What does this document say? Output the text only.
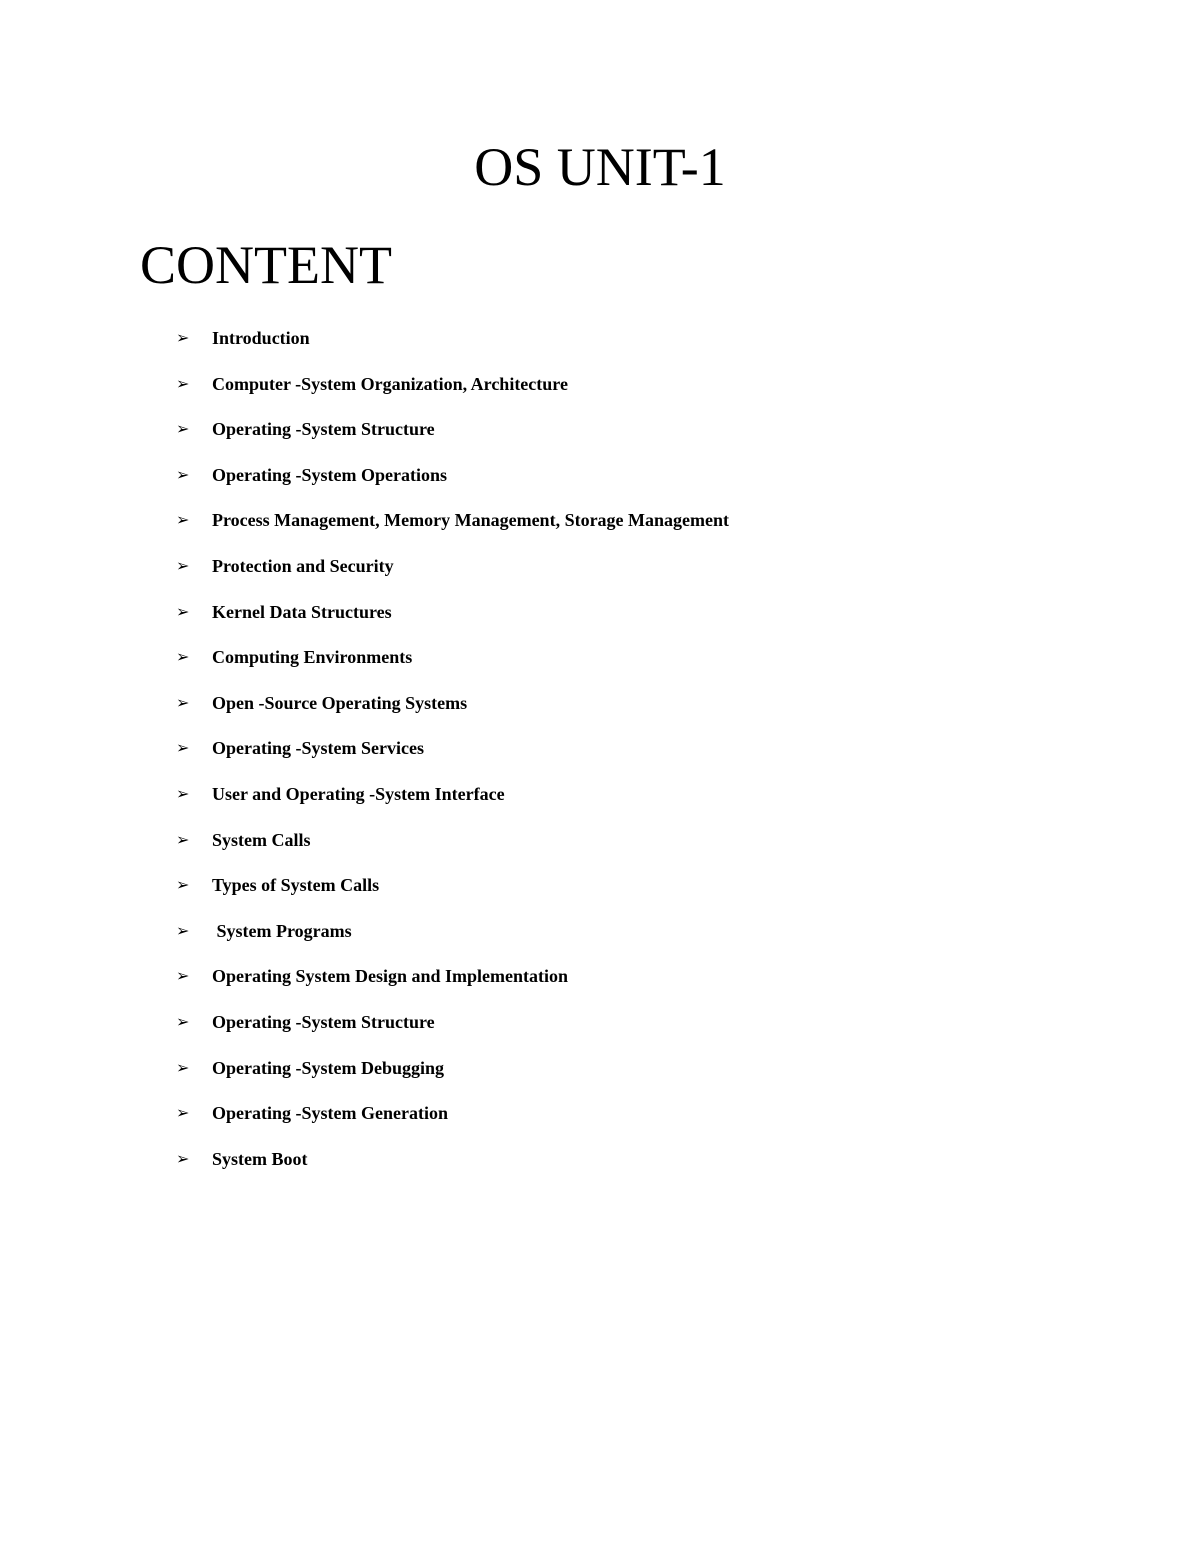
OS UNIT-1
CONTENT
➢	Introduction
➢	Computer -System Organization, Architecture
➢	Operating -System Structure
➢	Operating -System Operations
➢	Process Management, Memory Management, Storage Management
➢	Protection and Security
➢	Kernel Data Structures
➢	Computing Environments
➢	Open -Source Operating Systems
➢	Operating -System Services
➢	User and Operating -System Interface
➢	System Calls
➢	Types of System Calls
➢	System Programs
➢	Operating System Design and Implementation
➢	Operating -System Structure
➢	Operating -System Debugging
➢	Operating -System Generation
➢	System Boot
